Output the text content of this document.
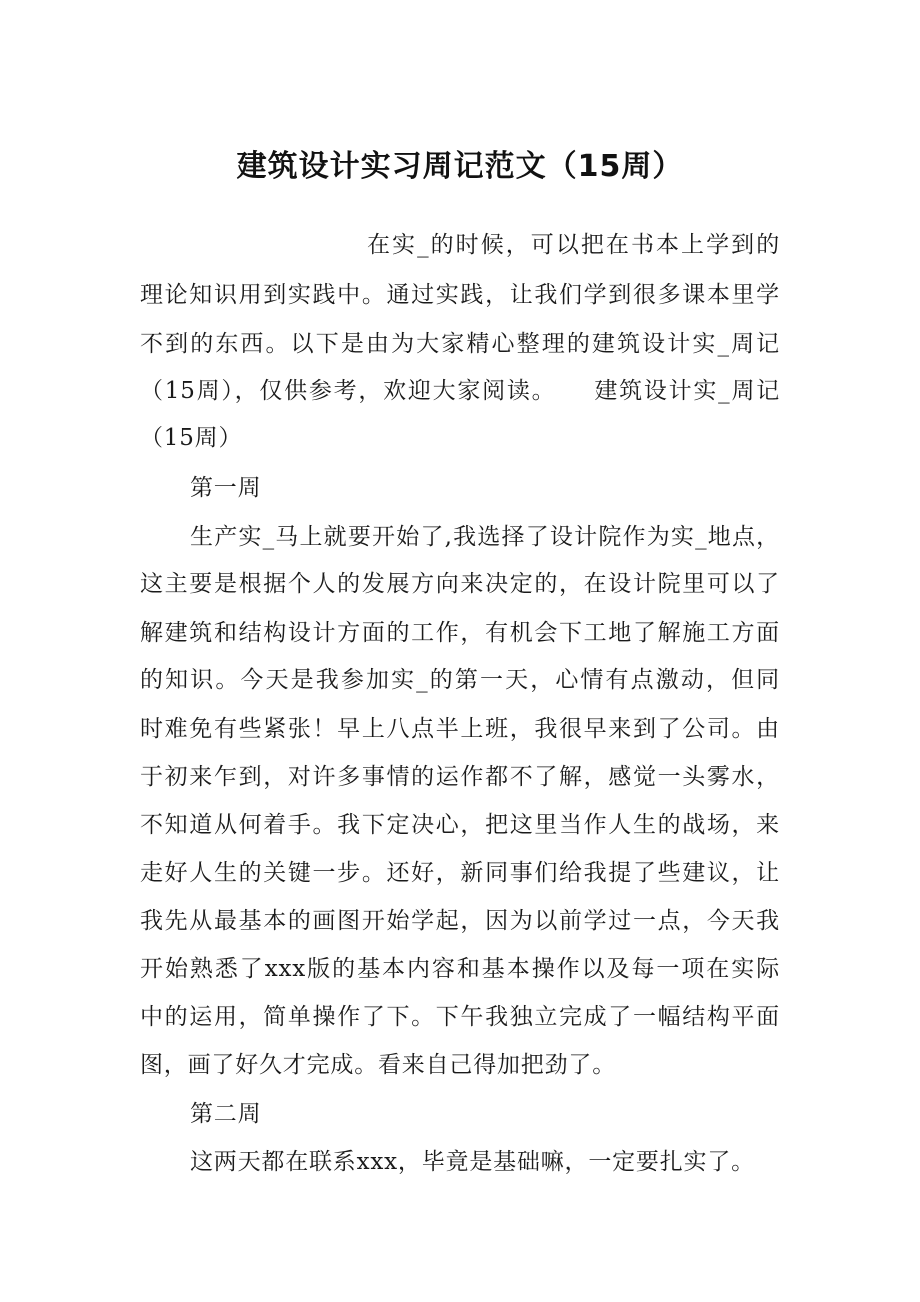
建筑设计实习周记范文（15周）
在实_的时候，可以把在书本上学到的
理论知识用到实践中。通过实践，让我们学到很多课本里学
不到的东西。以下是由为大家精心整理的建筑设计实_周记
（15周），仅供参考，欢迎大家阅读。　　建筑设计实_周记
（15周）
第一周
生产实_马上就要开始了,我选择了设计院作为实_地点，
这主要是根据个人的发展方向来决定的，在设计院里可以了
解建筑和结构设计方面的工作，有机会下工地了解施工方面
的知识。今天是我参加实_的第一天，心情有点激动，但同
时难免有些紧张！早上八点半上班，我很早来到了公司。由
于初来乍到，对许多事情的运作都不了解，感觉一头雾水，
不知道从何着手。我下定决心，把这里当作人生的战场，来
走好人生的关键一步。还好，新同事们给我提了些建议，让
我先从最基本的画图开始学起，因为以前学过一点，今天我
开始熟悉了xxx版的基本内容和基本操作以及每一项在实际
中的运用，简单操作了下。下午我独立完成了一幅结构平面
图，画了好久才完成。看来自己得加把劲了。
第二周
这两天都在联系xxx，毕竟是基础嘛，一定要扎实了。
